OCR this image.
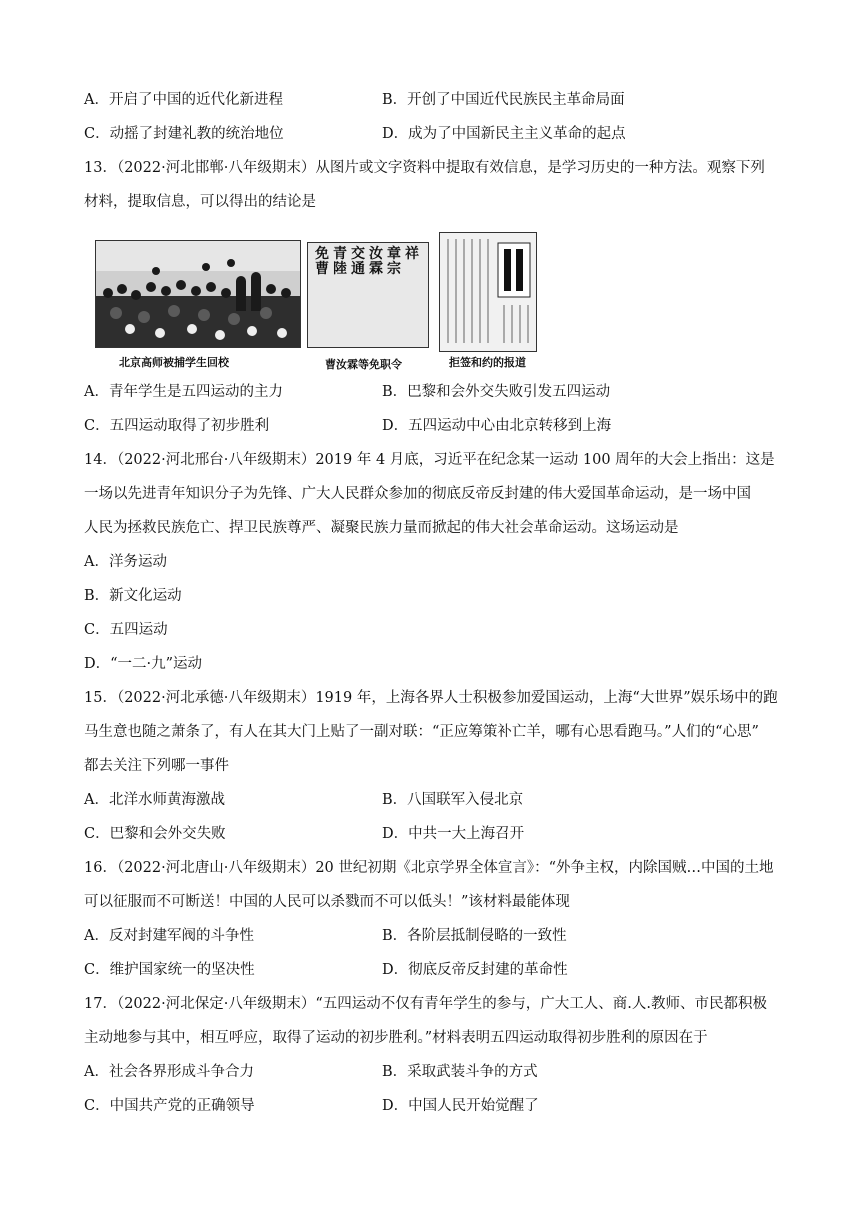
A．开启了中国的近代化新进程	B．开创了中国近代民族民主革命局面
C．动摇了封建礼教的统治地位	D．成为了中国新民主主义革命的起点
13．（2022·河北邯郸·八年级期末）从图片或文字资料中提取有效信息，是学习历史的一种方法。观察下列
材料，提取信息，可以得出的结论是
北京高师被捕学生回校
免曹
青陸
交通
汝霖
章宗
祥
曹汝霖等免职令	拒签和约的报道
A．青年学生是五四运动的主力	B．巴黎和会外交失败引发五四运动
C．五四运动取得了初步胜利	D．五四运动中心由北京转移到上海
14．（2022·河北邢台·八年级期末）2019 年 4 月底，习近平在纪念某一运动 100 周年的大会上指出：这是
一场以先进青年知识分子为先锋、广大人民群众参加的彻底反帝反封建的伟大爱国革命运动，是一场中国
人民为拯救民族危亡、捍卫民族尊严、凝聚民族力量而掀起的伟大社会革命运动。这场运动是
A．洋务运动
B．新文化运动
C．五四运动
D．“一二·九”运动
15．（2022·河北承德·八年级期末）1919 年，上海各界人士积极参加爱国运动，上海“大世界”娱乐场中的跑
马生意也随之萧条了，有人在其大门上贴了一副对联：“正应筹策补亡羊，哪有心思看跑马。”人们的“心思”
都去关注下列哪一事件
A．北洋水师黄海激战	B．八国联军入侵北京
C．巴黎和会外交失败	D．中共一大上海召开
16．（2022·河北唐山·八年级期末）20 世纪初期《北京学界全体宣言》：“外争主权，内除国贼…中国的土地
可以征服而不可断送！中国的人民可以杀戮而不可以低头！”该材料最能体现
A．反对封建军阀的斗争性	B．各阶层抵制侵略的一致性
C．维护国家统一的坚决性	D．彻底反帝反封建的革命性
17．（2022·河北保定·八年级期末）“五四运动不仅有青年学生的参与，广大工人、商.人.教师、市民都积极
主动地参与其中，相互呼应，取得了运动的初步胜利。”材料表明五四运动取得初步胜利的原因在于
A．社会各界形成斗争合力	B．采取武装斗争的方式
C．中国共产党的正确领导	D．中国人民开始觉醒了
